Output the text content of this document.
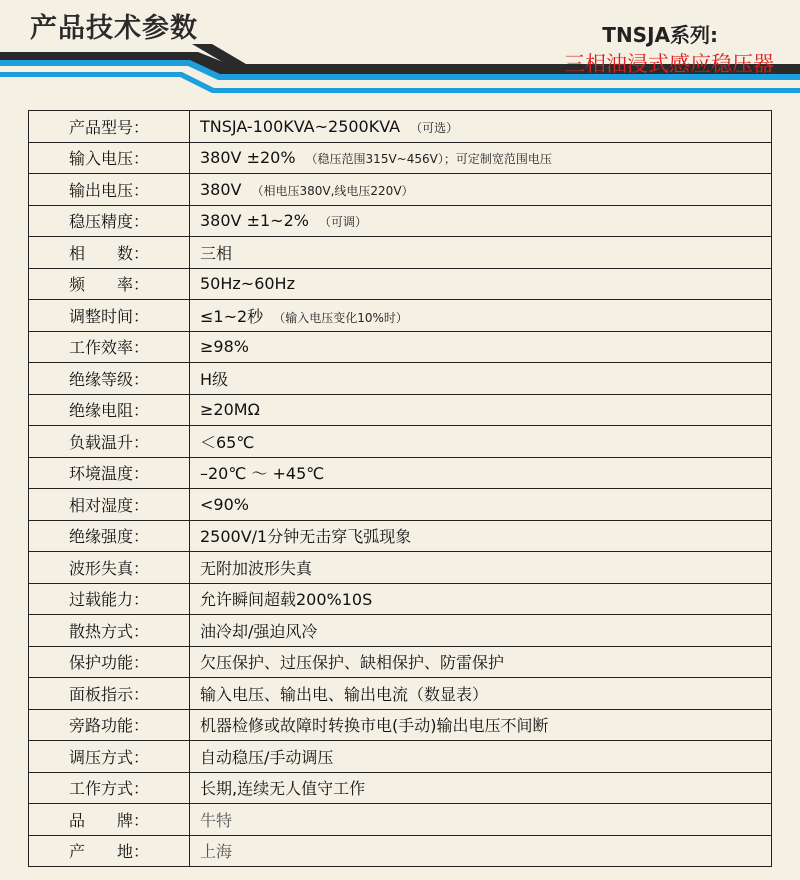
产品技术参数	TNSJA系列:
三相油浸式感应稳压器
产品型号：	TNSJA-100KVA~2500KVA （可选）
输入电压：	380V ±20% （稳压范围315V~456V）；可定制宽范围电压
输出电压：	380V （相电压380V,线电压220V）
稳压精度：	380V ±1~2% （可调）
相　　数：	三相
频　　率：	50Hz~60Hz
调整时间：	≤1~2秒 （输入电压变化10%时）
工作效率：	≥98%
绝缘等级：	H级
绝缘电阻：	≥20MΩ
负载温升：	＜65℃
环境温度：	–20℃ ～ +45℃
相对湿度：	<90%
绝缘强度：	2500V/1分钟无击穿飞弧现象
波形失真：	无附加波形失真
过载能力：	允许瞬间超载200%10S
散热方式：	油冷却/强迫风冷
保护功能：	欠压保护、过压保护、缺相保护、防雷保护
面板指示：	输入电压、输出电、输出电流（数显表）
旁路功能：	机器检修或故障时转换市电(手动)输出电压不间断
调压方式：	自动稳压/手动调压
工作方式：	长期,连续无人值守工作
品　　牌：	牛特
产　　地：	上海
